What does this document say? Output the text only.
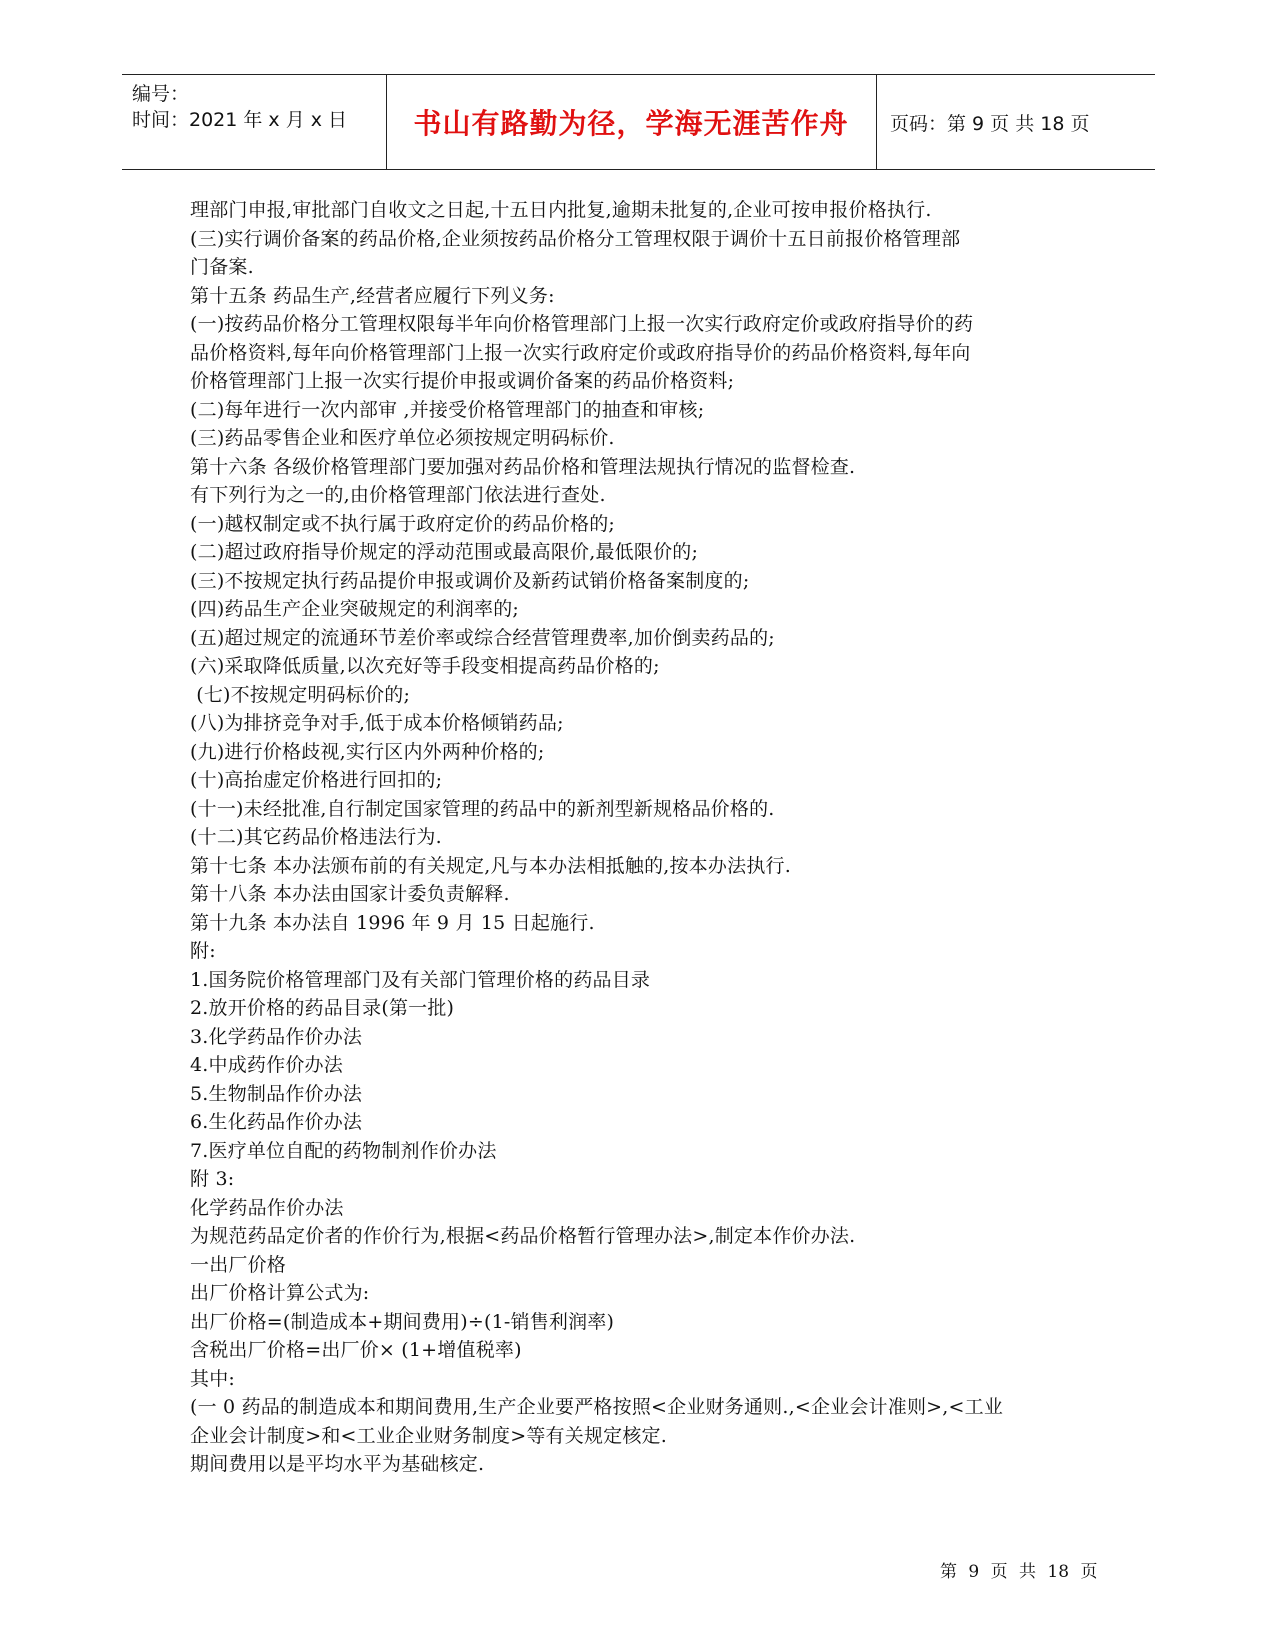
编号：
时间：2021 年 x 月 x 日 书山有路勤为径，学海无涯苦作舟 页码：第 9 页 共 18 页
理部门申报,审批部门自收文之日起,十五日内批复,逾期未批复的,企业可按申报价格执行.
(三)实行调价备案的药品价格,企业须按药品价格分工管理权限于调价十五日前报价格管理部
门备案.
第十五条 药品生产,经营者应履行下列义务:
(一)按药品价格分工管理权限每半年向价格管理部门上报一次实行政府定价或政府指导价的药
品价格资料,每年向价格管理部门上报一次实行政府定价或政府指导价的药品价格资料,每年向
价格管理部门上报一次实行提价申报或调价备案的药品价格资料;
(二)每年进行一次内部审 ,并接受价格管理部门的抽查和审核;
(三)药品零售企业和医疗单位必须按规定明码标价.
第十六条 各级价格管理部门要加强对药品价格和管理法规执行情况的监督检查.
有下列行为之一的,由价格管理部门依法进行查处.
(一)越权制定或不执行属于政府定价的药品价格的;
(二)超过政府指导价规定的浮动范围或最高限价,最低限价的;
(三)不按规定执行药品提价申报或调价及新药试销价格备案制度的;
(四)药品生产企业突破规定的利润率的;
(五)超过规定的流通环节差价率或综合经营管理费率,加价倒卖药品的;
(六)采取降低质量,以次充好等手段变相提高药品价格的;
(七)不按规定明码标价的;
(八)为排挤竞争对手,低于成本价格倾销药品;
(九)进行价格歧视,实行区内外两种价格的;
(十)高抬虚定价格进行回扣的;
(十一)未经批准,自行制定国家管理的药品中的新剂型新规格品价格的.
(十二)其它药品价格违法行为.
第十七条 本办法颁布前的有关规定,凡与本办法相抵触的,按本办法执行.
第十八条 本办法由国家计委负责解释.
第十九条 本办法自 1996 年 9 月 15 日起施行.
附:
1.国务院价格管理部门及有关部门管理价格的药品目录
2.放开价格的药品目录(第一批)
3.化学药品作价办法
4.中成药作价办法
5.生物制品作价办法
6.生化药品作价办法
7.医疗单位自配的药物制剂作价办法
附 3:
化学药品作价办法
为规范药品定价者的作价行为,根据<药品价格暂行管理办法>,制定本作价办法.
一出厂价格
出厂价格计算公式为:
出厂价格=(制造成本+期间费用)÷(1-销售利润率)
含税出厂价格=出厂价× (1+增值税率)
其中:
(一 0 药品的制造成本和期间费用,生产企业要严格按照<企业财务通则.,<企业会计准则>,<工业
企业会计制度>和<工业企业财务制度>等有关规定核定.
期间费用以是平均水平为基础核定.
第 9 页 共 18 页
